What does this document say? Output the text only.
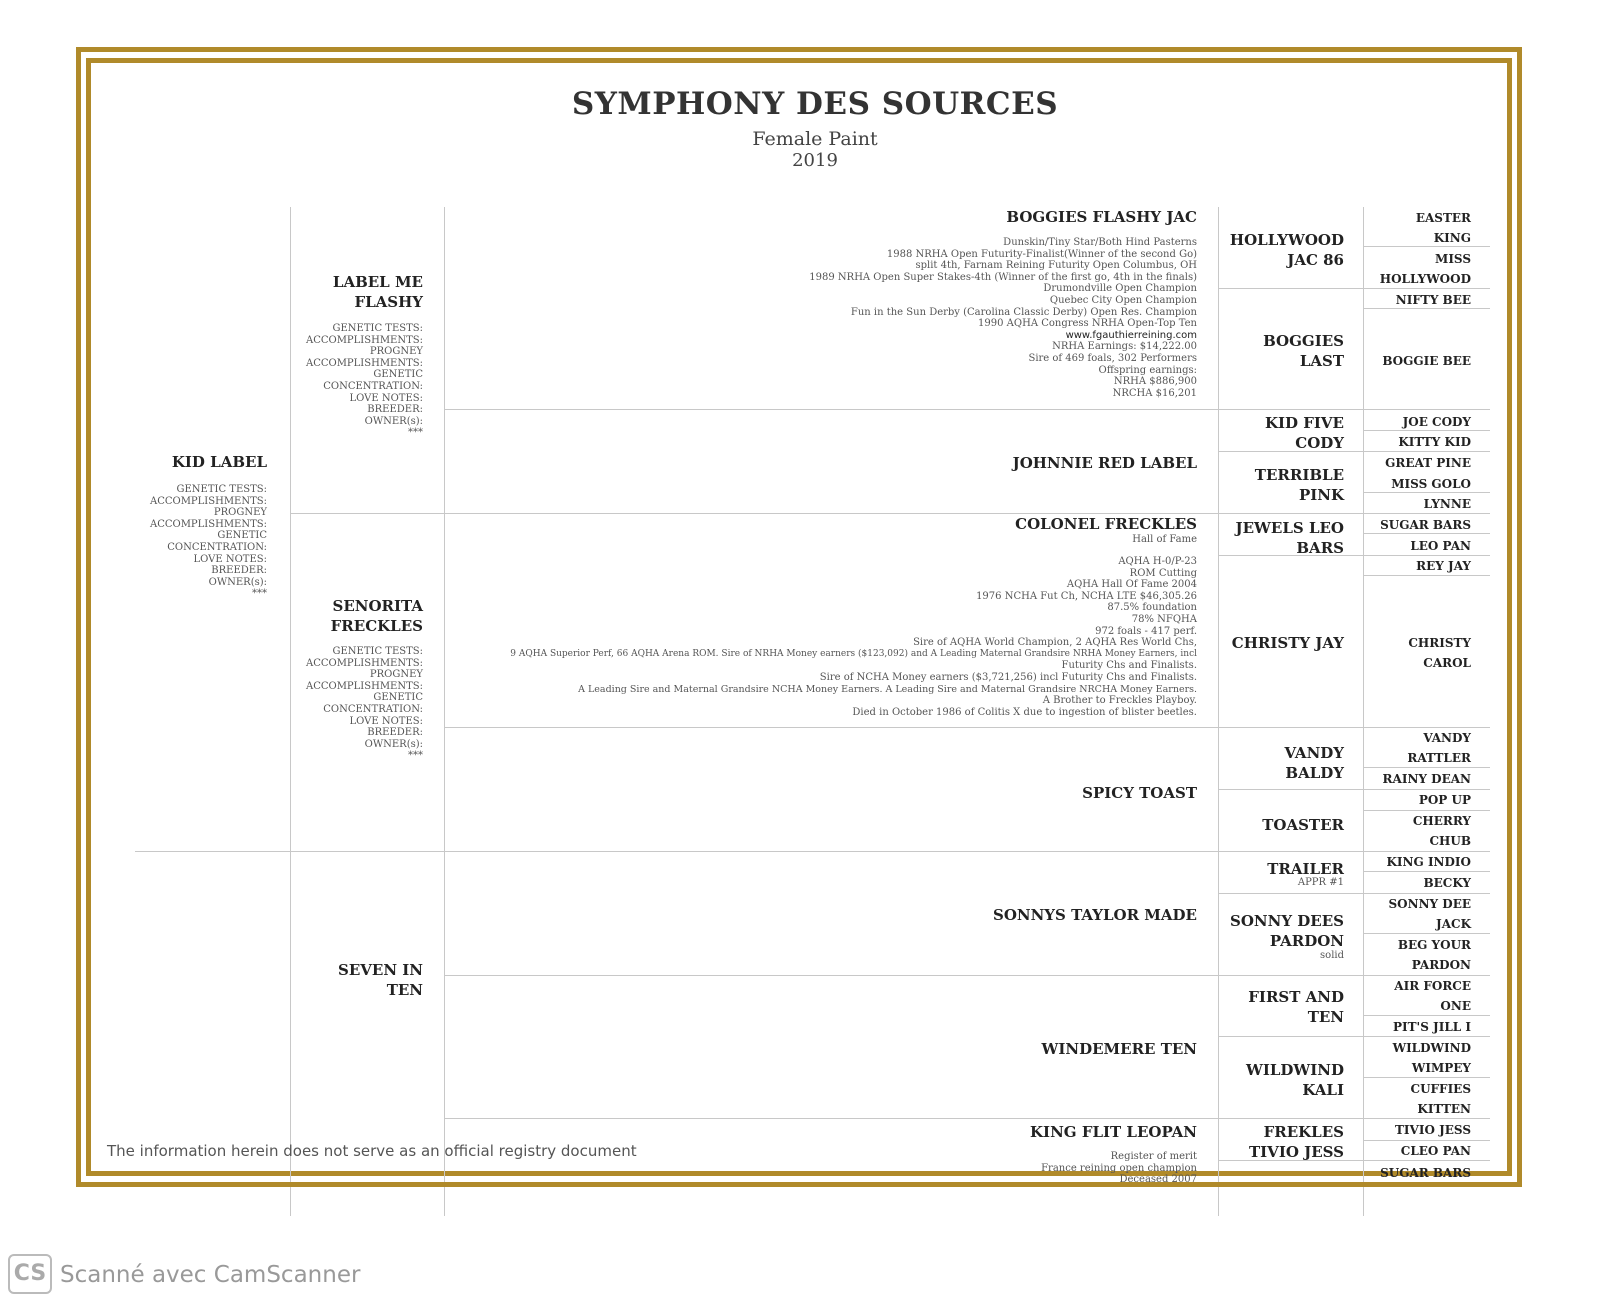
SYMPHONY DES SOURCES
Female Paint
2019
KID LABEL
GENETIC TESTS:
ACCOMPLISHMENTS:
PROGNEY
ACCOMPLISHMENTS:
GENETIC
CONCENTRATION:
LOVE NOTES:
BREEDER:
OWNER(s):
***
LABEL ME
FLASHY
GENETIC TESTS:
ACCOMPLISHMENTS:
PROGNEY
ACCOMPLISHMENTS:
GENETIC
CONCENTRATION:
LOVE NOTES:
BREEDER:
OWNER(s):
***
SENORITA
FRECKLES
GENETIC TESTS:
ACCOMPLISHMENTS:
PROGNEY
ACCOMPLISHMENTS:
GENETIC
CONCENTRATION:
LOVE NOTES:
BREEDER:
OWNER(s):
***
SEVEN IN
TEN
BOGGIES FLASHY JAC
Dunskin/Tiny Star/Both Hind Pasterns
1988 NRHA Open Futurity-Finalist(Winner of the second Go)
split 4th, Farnam Reining Futurity Open Columbus, OH
1989 NRHA Open Super Stakes-4th (Winner of the first go, 4th in the finals)
Drumondville Open Champion
Quebec City Open Champion
Fun in the Sun Derby (Carolina Classic Derby) Open Res. Champion
1990 AQHA Congress NRHA Open-Top Ten
www.fgauthierreining.com
NRHA Earnings: $14,222.00
Sire of 469 foals, 302 Performers
Offspring earnings:
NRHA $886,900
NRCHA $16,201
JOHNNIE RED LABEL
COLONEL FRECKLES
Hall of Fame
AQHA H-0/P-23
ROM Cutting
AQHA Hall Of Fame 2004
1976 NCHA Fut Ch, NCHA LTE $46,305.26
87.5% foundation
78% NFQHA
972 foals - 417 perf.
Sire of AQHA World Champion, 2 AQHA Res World Chs,
9 AQHA Superior Perf, 66 AQHA Arena ROM. Sire of NRHA Money earners ($123,092) and A Leading Maternal Grandsire NRHA Money Earners, incl
Futurity Chs and Finalists.
Sire of NCHA Money earners ($3,721,256) incl Futurity Chs and Finalists.
A Leading Sire and Maternal Grandsire NCHA Money Earners. A Leading Sire and Maternal Grandsire NRCHA Money Earners.
A Brother to Freckles Playboy.
Died in October 1986 of Colitis X due to ingestion of blister beetles.
SPICY TOAST
SONNYS TAYLOR MADE
WINDEMERE TEN
KING FLIT LEOPAN
Register of merit
France reining open champion
Deceased 2007
HOLLYWOOD
JAC 86
BOGGIES
LAST
KID FIVE
CODY
TERRIBLE
PINK
JEWELS LEO
BARS
CHRISTY JAY
VANDY
BALDY
TOASTER
TRAILER
APPR #1
SONNY DEES
PARDON
solid
FIRST AND
TEN
WILDWIND
KALI
FREKLES
TIVIO JESS
EASTER
KING
MISS
HOLLYWOOD
NIFTY BEE
BOGGIE BEE
JOE CODY
KITTY KID
GREAT PINE
MISS GOLO
LYNNE
SUGAR BARS
LEO PAN
REY JAY
CHRISTY
CAROL
VANDY
RATTLER
RAINY DEAN
POP UP
CHERRY
CHUB
KING INDIO
BECKY
SONNY DEE
JACK
BEG YOUR
PARDON
AIR FORCE
ONE
PIT'S JILL I
WILDWIND
WIMPEY
CUFFIES
KITTEN
TIVIO JESS
CLEO PAN
SUGAR BARS
The information herein does not serve as an official registry document
CS Scanné avec CamScanner
